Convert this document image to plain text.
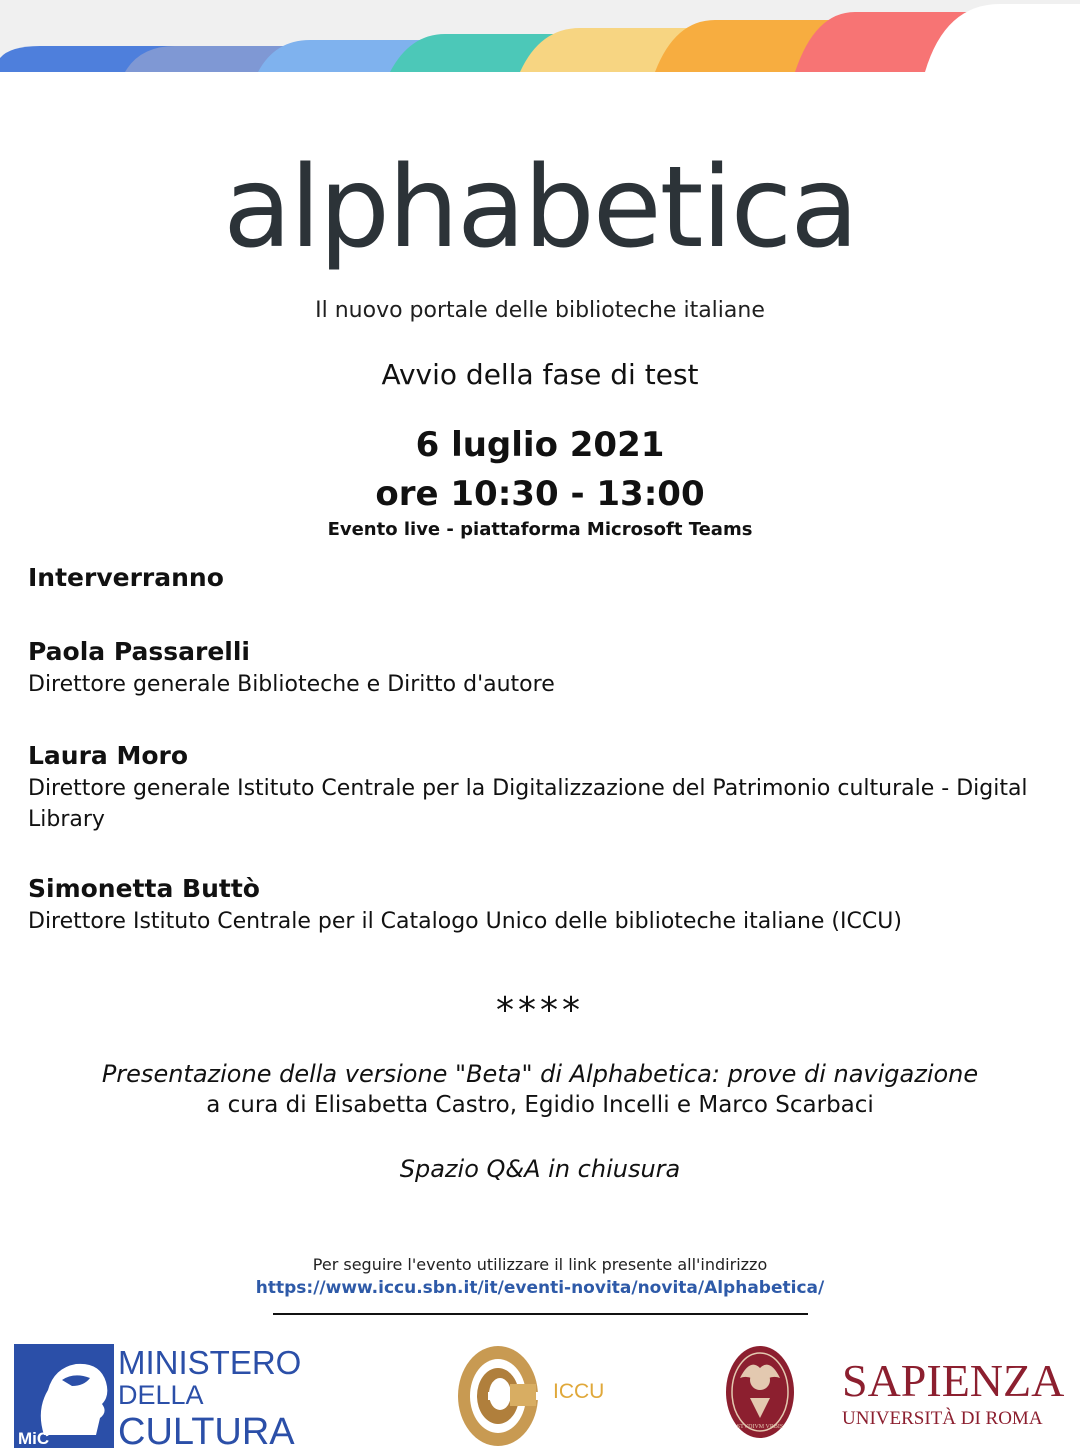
alphabetica
Il nuovo portale delle biblioteche italiane
Avvio della fase di test
6 luglio 2021
ore 10:30 - 13:00
Evento live - piattaforma Microsoft Teams
Interverranno
Paola Passarelli
Direttore generale Biblioteche e Diritto d'autore
Laura Moro
Direttore generale Istituto Centrale per la Digitalizzazione del Patrimonio culturale - Digital Library
Simonetta Buttò
Direttore Istituto Centrale per il Catalogo Unico delle biblioteche italiane (ICCU)
****
Presentazione della versione "Beta" di Alphabetica: prove di navigazione
a cura di Elisabetta Castro, Egidio Incelli e Marco Scarbaci
Spazio Q&A in chiusura
Per seguire l'evento utilizzare il link presente all'indirizzo
https://www.iccu.sbn.it/it/eventi-novita/novita/Alphabetica/
MiC
MINISTERO
DELLA
CULTURA
ICCU
STVDIVM VRBIS
SAPIENZA
UNIVERSITÀ DI ROMA
